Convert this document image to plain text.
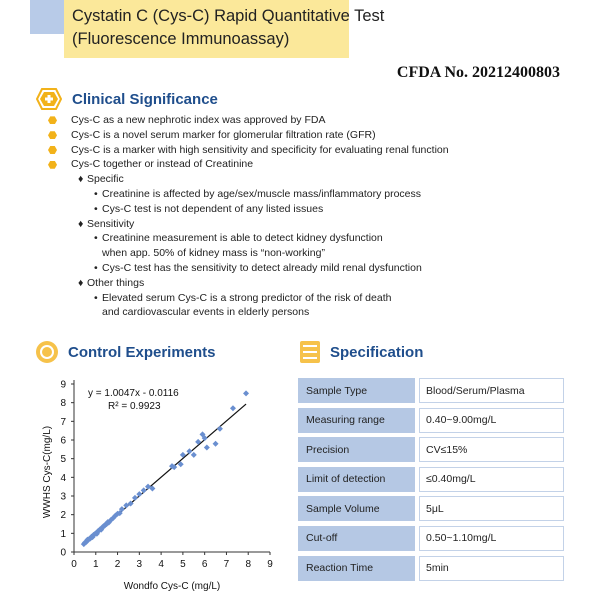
Cystatin C (Cys-C) Rapid Quantitative Test
(Fluorescence Immunoassay)
CFDA No. 20212400803
Clinical Significance
Cys-C as a new nephrotic index was approved by FDA
Cys-C is a novel serum marker for glomerular filtration rate (GFR)
Cys-C is a marker with high sensitivity and specificity for evaluating renal function
Cys-C together or instead of Creatinine
♦ Specific
• Creatinine is affected by age/sex/muscle mass/inflammatory process
• Cys-C test is not dependent of any listed issues
♦ Sensitivity
• Creatinine measurement is able to detect kidney dysfunction
when app. 50% of kidney mass is “non-working”
• Cys-C test has the sensitivity to detect already mild renal dysfunction
♦ Other things
• Elevated serum Cys-C is a strong predictor of the risk of death
and cardiovascular events in elderly persons
Control Experiments
0 1 2 3 4 5 6 7 8 9
0
1
2
3
4
5
6
7
8
9
y = 1.0047x - 0.0116
R² = 0.9923
Wondfo Cys-C (mg/L)
WWHS Cys-C(mg/L)
Specification
Sample Type	Blood/Serum/Plasma
Measuring range	0.40~9.00mg/L
Precision	CV≤15%
Limit of detection	≤0.40mg/L
Sample Volume	5μL
Cut-off	0.50~1.10mg/L
Reaction Time	5min
